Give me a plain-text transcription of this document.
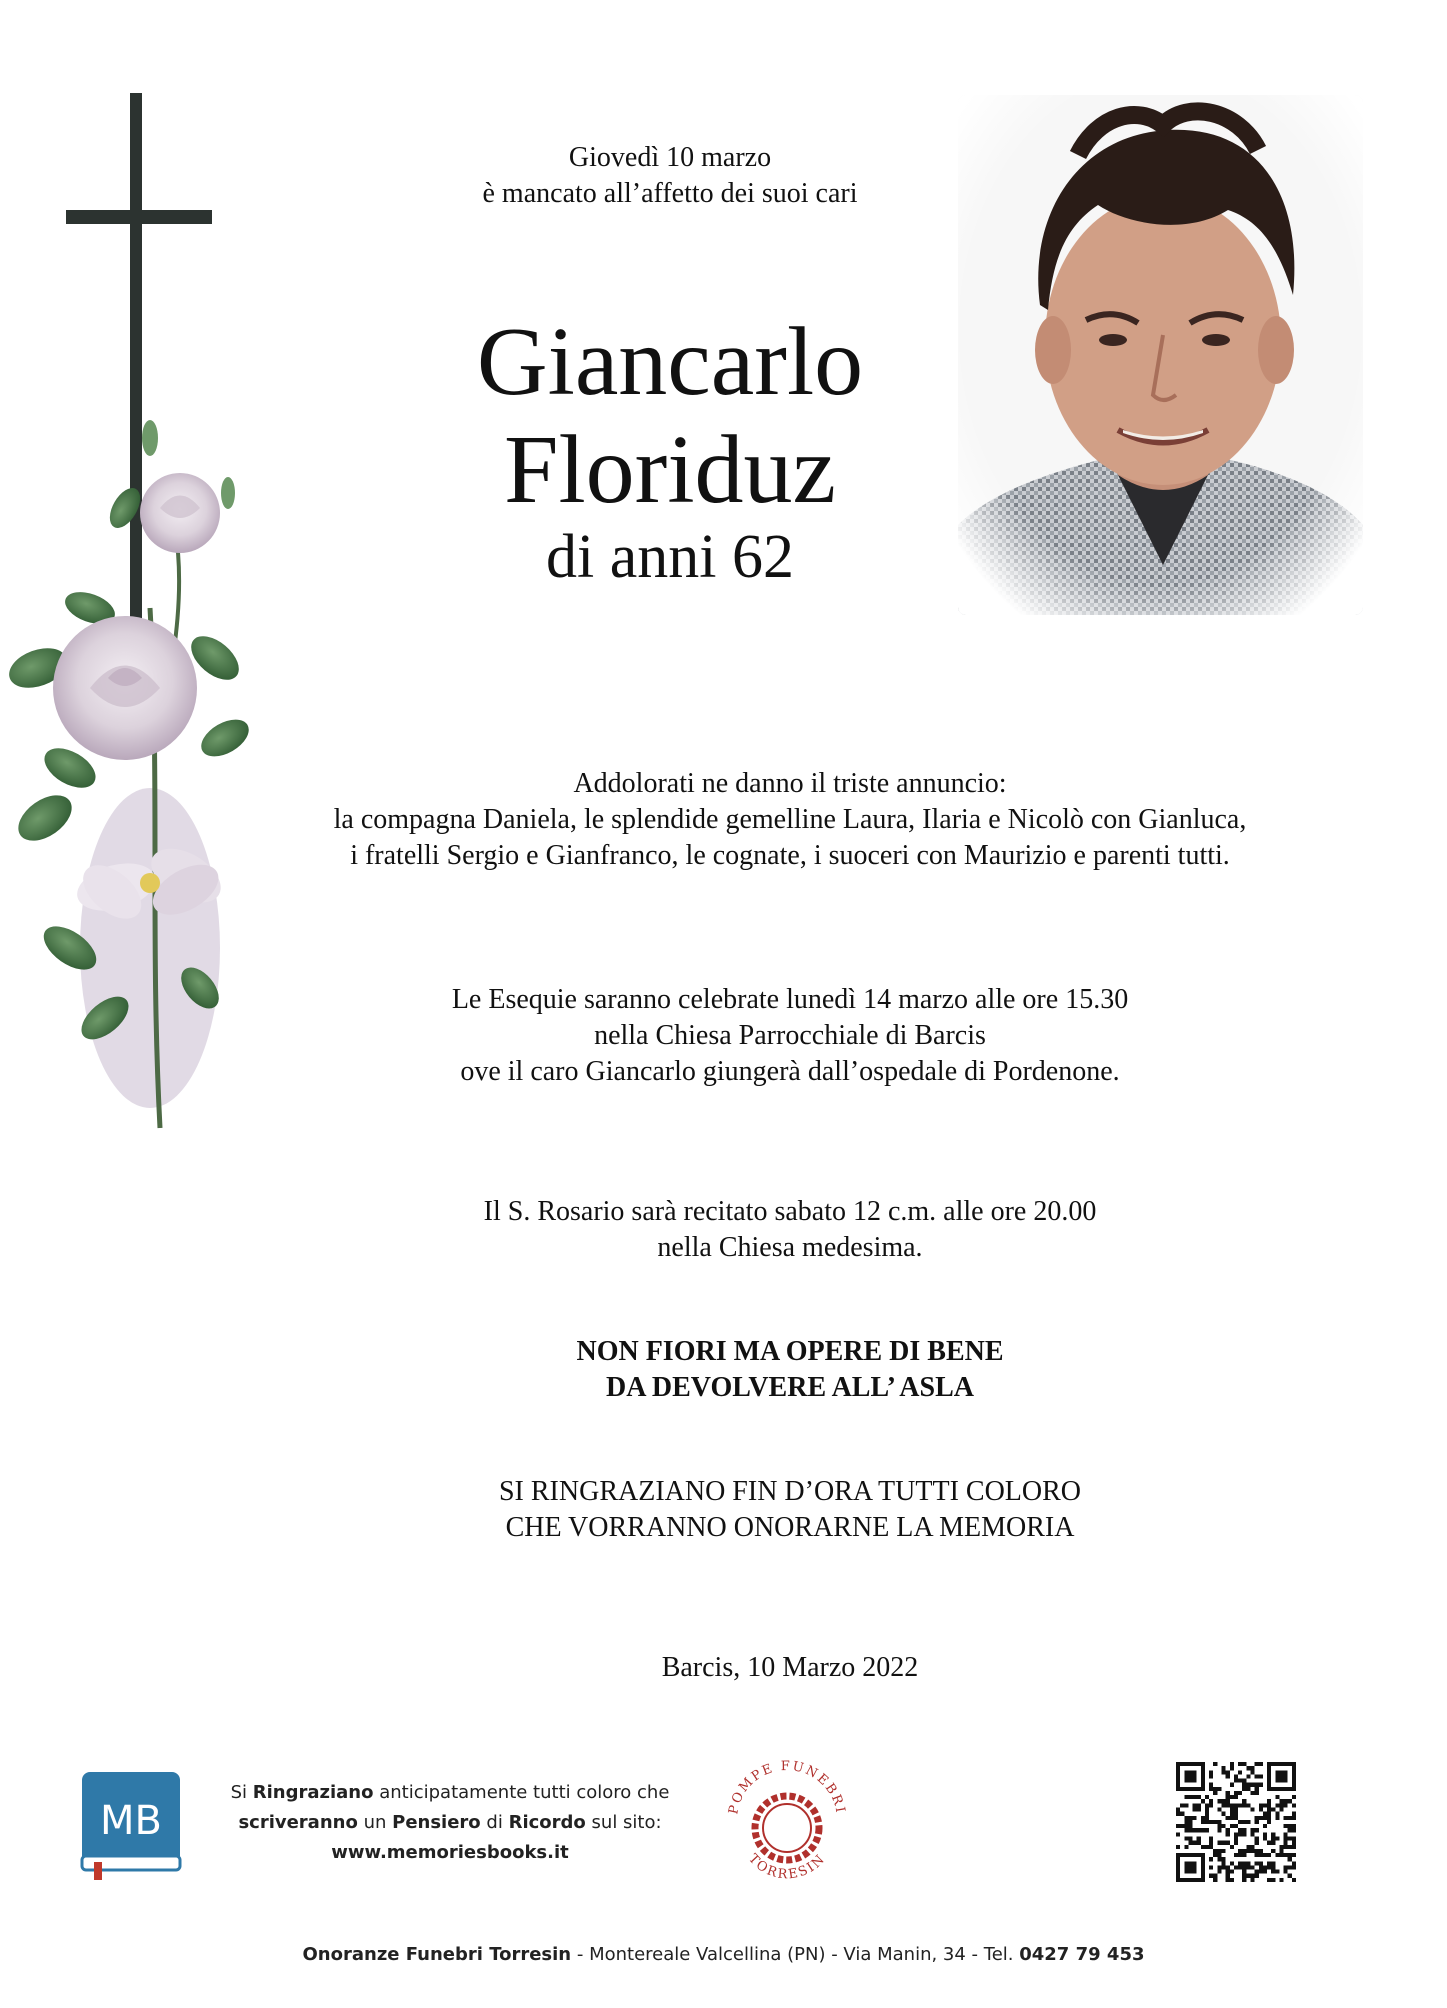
Giovedì 10 marzo
è mancato all’affetto dei suoi cari
Giancarlo
Floriduz
di anni 62
Addolorati ne danno il triste annuncio:
la compagna Daniela, le splendide gemelline Laura, Ilaria e Nicolò con Gianluca,
i fratelli Sergio e Gianfranco, le cognate, i suoceri con Maurizio e parenti tutti.
Le Esequie saranno celebrate lunedì 14 marzo alle ore 15.30
nella Chiesa Parrocchiale di Barcis
ove il caro Giancarlo giungerà dall’ospedale di Pordenone.
Il S. Rosario sarà recitato sabato 12 c.m. alle ore 20.00
nella Chiesa medesima.
NON FIORI MA OPERE DI BENE
DA DEVOLVERE ALL’ ASLA
SI RINGRAZIANO FIN D’ORA TUTTI COLORO
CHE VORRANNO ONORARNE LA MEMORIA
Barcis, 10 Marzo 2022
MB
Si Ringraziano anticipatamente tutti coloro che
scriveranno un Pensiero di Ricordo sul sito:
www.memoriesbooks.it
POMPE FUNEBRI
TORRESIN
Onoranze Funebri Torresin - Montereale Valcellina (PN) - Via Manin, 34 - Tel. 0427 79 453
